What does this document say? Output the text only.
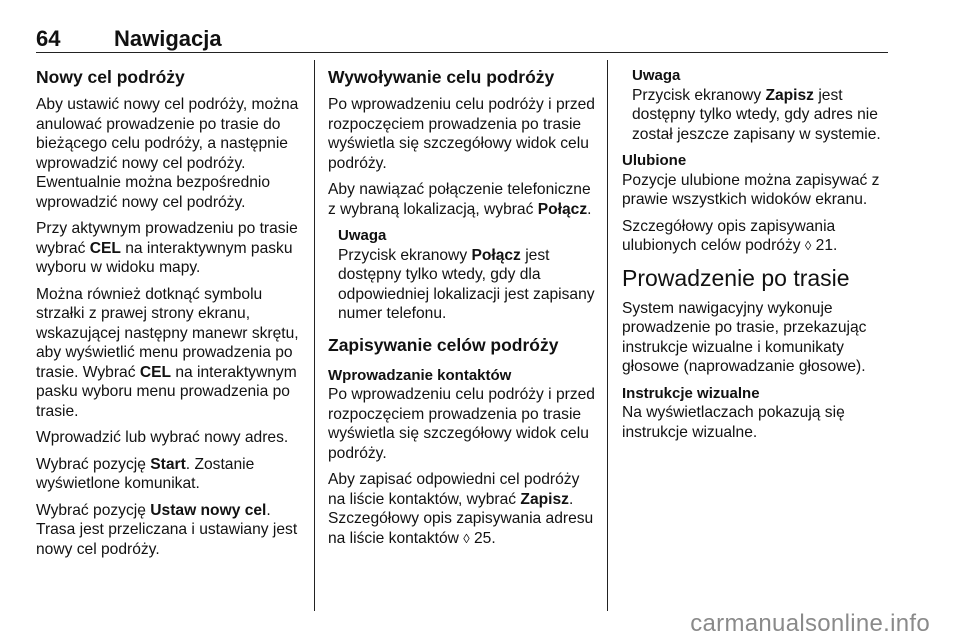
64 Nawigacja
Nowy cel podróży

Aby ustawić nowy cel podróży, można anulować prowadzenie po trasie do bieżącego celu podróży, a następnie wprowadzić nowy cel podróży. Ewentualnie można bezpośrednio wprowadzić nowy cel podróży.

Przy aktywnym prowadzeniu po trasie wybrać CEL na interaktywnym pasku wyboru w widoku mapy.

Można również dotknąć symbolu strzałki z prawej strony ekranu, wskazującej następny manewr skrętu, aby wyświetlić menu prowadzenia po trasie. Wybrać CEL na interaktywnym pasku wyboru menu prowadzenia po trasie.

Wprowadzić lub wybrać nowy adres.

Wybrać pozycję Start. Zostanie wyświetlone komunikat.

Wybrać pozycję Ustaw nowy cel. Trasa jest przeliczana i ustawiany jest nowy cel podróży.

Wywoływanie celu podróży

Po wprowadzeniu celu podróży i przed rozpoczęciem prowadzenia po trasie wyświetla się szczegółowy widok celu podróży.

Aby nawiązać połączenie telefoniczne z wybraną lokalizacją, wybrać Połącz.

Uwaga
Przycisk ekranowy Połącz jest dostępny tylko wtedy, gdy dla odpowiedniej lokalizacji jest zapisany numer telefonu.
Zapisywanie celów podróży
Wprowadzanie kontaktów

Po wprowadzeniu celu podróży i przed rozpoczęciem prowadzenia po trasie wyświetla się szczegółowy widok celu podróży.

Aby zapisać odpowiedni cel podróży na liście kontaktów, wybrać Zapisz. Szczegółowy opis zapisywania adresu na liście kontaktów ◊ 25.

Uwaga
Przycisk ekranowy Zapisz jest dostępny tylko wtedy, gdy adres nie został jeszcze zapisany w systemie.
Ulubione

Pozycje ulubione można zapisywać z prawie wszystkich widoków ekranu.

Szczegółowy opis zapisywania ulubionych celów podróży ◊ 21.

Prowadzenie po trasie

System nawigacyjny wykonuje prowadzenie po trasie, przekazując instrukcje wizualne i komunikaty głosowe (naprowadzanie głosowe).

Instrukcje wizualne

Na wyświetlaczach pokazują się instrukcje wizualne.

carmanualsonline.info
